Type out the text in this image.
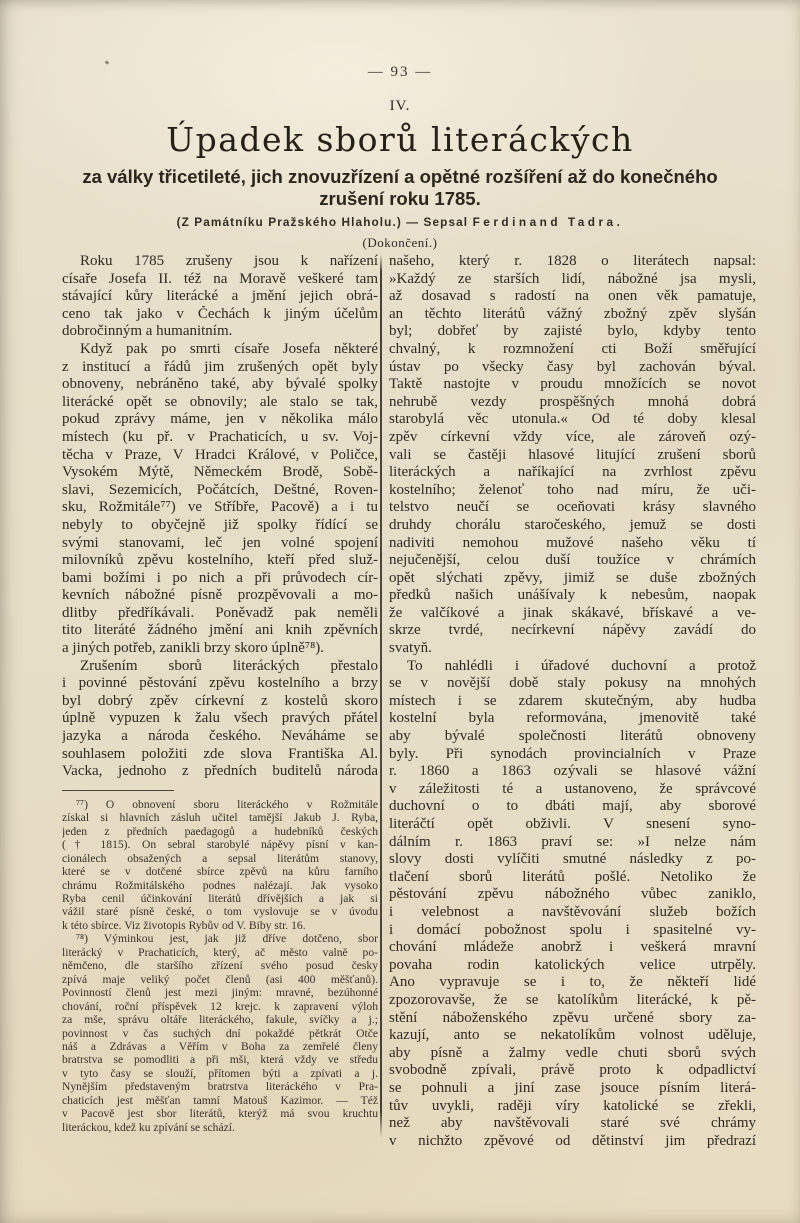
— 93 —
IV.
Úpadek sborů literáckých
za války třicetileté, jich znovuzřízení a opětné rozšíření až do konečného
zrušení roku 1785.
(Z Památníku Pražského Hlaholu.) — Sepsal Ferdinand Tadra.
(Dokončení.)
Roku 1785 zrušeny jsou k nařízení
císaře Josefa II. též na Moravě veškeré tam
stávající kůry literácké a jmění jejich obrá-
ceno tak jako v Čechách k jiným účelům
dobročinným a humanitním.
Když pak po smrti císaře Josefa některé
z institucí a řádů jim zrušených opět byly
obnoveny, nebráněno také, aby bývalé spolky
literácké opět se obnovily; ale stalo se tak,
pokud zprávy máme, jen v několika málo
místech (ku př. v Prachaticích, u sv. Voj-
těcha v Praze, V Hradci Králové, v Poličce,
Vysokém Mýtě, Německém Brodě, Sobě-
slavi, Sezemicích, Počátcích, Deštné, Roven-
sku, Rožmitále⁷⁷) ve Stříbře, Pacově) a i tu
nebyly to obyčejně již spolky řídící se
svými stanovami, leč jen volné spojení
milovníků zpěvu kostelního, kteří před služ-
bami božími i po nich a při průvodech cír-
kevních nábožné písně prozpěvovali a mo-
dlitby předříkávali. Poněvadž pak neměli
tito literáté žádného jmění ani knih zpěvních
a jiných potřeb, zanikli brzy skoro úplně⁷⁸).
Zrušením sborů literáckých přestalo
i povinné pěstování zpěvu kostelního a brzy
byl dobrý zpěv církevní z kostelů skoro
úplně vypuzen k žalu všech pravých přátel
jazyka a národa českého. Neváháme se
souhlasem položiti zde slova Františka Al.
Vacka, jednoho z předních buditelů národa
⁷⁷) O obnovení sboru literáckého v Rožmitále
získal si hlavních zásluh učitel tamější Jakub J. Ryba,
jeden z předních paedagogů a hudebníků českých
(† 1815). On sebral starobylé nápěvy písní v kan-
cionálech obsažených a sepsal literátům stanovy,
které se v dotčené sbírce zpěvů na kůru farního
chrámu Rožmitálského podnes nalézají. Jak vysoko
Ryba cenil účinkování literátů dřívějších a jak si
vážil staré písně české, o tom vyslovuje se v úvodu
k této sbírce. Viz životopis Rybův od V. Biby str. 16.
⁷⁸) Výminkou jest, jak již dříve dotčeno, sbor
literácký v Prachaticích, který, ač město valně po-
němčeno, dle staršího zřízení svého posud česky
zpívá maje veliký počet členů (asi 400 měšťanů).
Povinností členů jest mezi jiným: mravné, bezúhonné
chování, roční příspěvek 12 krejc. k zapravení výloh
za mše, správu oltáře literáckého, fakule, svíčky a j.;
povinnost v čas suchých dní pokaždé pětkrát Otče
náš a Zdrávas a Věřím v Boha za zemřelé členy
bratrstva se pomodliti a při mši, která vždy ve středu
v tyto časy se slouží, přítomen býti a zpívati a j.
Nynějším představeným bratrstva literáckého v Pra-
chaticích jest měšťan tamní Matouš Kazimor. — Též
v Pacově jest sbor literátů, kterýž má svou kruchtu
literáckou, kdež ku zpívání se schází.
našeho, který r. 1828 o literátech napsal:
»Každý ze starších lidí, nábožné jsa mysli,
až dosavad s radostí na onen věk pamatuje,
an těchto literátů vážný zbožný zpěv slyšán
byl; dobřeť by zajisté bylo, kdyby tento
chvalný, k rozmnožení cti Boží směřující
ústav po všecky časy byl zachován býval.
Taktě nastojte v proudu množících se novot
nehrubě vezdy prospěšných mnohá dobrá
starobylá věc utonula.« Od té doby klesal
zpěv církevní vždy více, ale zároveň ozý-
vali se častěji hlasové litující zrušení sborů
literáckých a naříkající na zvrhlost zpěvu
kostelního; želenoť toho nad míru, že uči-
telstvo neučí se oceňovati krásy slavného
druhdy chorálu staročeského, jemuž se dosti
nadiviti nemohou mužové našeho věku tí
nejučenější, celou duší toužíce v chrámích
opět slýchati zpěvy, jimiž se duše zbožných
předků našich unášívaly k nebesům, naopak
že valčíkové a jinak skákavé, břískavé a ve-
skrze tvrdé, necírkevní nápěvy zavádí do
svatyň.
To nahlédli i úřadové duchovní a protož
se v novější době staly pokusy na mnohých
místech i se zdarem skutečným, aby hudba
kostelní byla reformována, jmenovitě také
aby bývalé společnosti literátů obnoveny
byly. Při synodách provincialních v Praze
r. 1860 a 1863 ozývali se hlasové vážní
v záležitosti té a ustanoveno, že správcové
duchovní o to dbáti mají, aby sborové
literáčtí opět obživli. V snesení syno-
dálním r. 1863 praví se: »I nelze nám
slovy dosti vylíčiti smutné následky z po-
tlačení sborů literátů pošlé. Netoliko že
pěstování zpěvu nábožného vůbec zaniklo,
i velebnost a navštěvování služeb božích
i domácí pobožnost spolu i spasitelné vy-
chování mládeže anobrž i veškerá mravní
povaha rodin katolických velice utrpěly.
Ano vypravuje se i to, že někteří lidé
zpozorovavše, že se katolíkům literácké, k pě-
stění náboženského zpěvu určené sbory za-
kazují, anto se nekatolíkům volnost uděluje,
aby písně a žalmy vedle chuti sborů svých
svobodně zpívali, právě proto k odpadlictví
se pohnuli a jiní zase jsouce písním literá-
tův uvykli, raději víry katolické se zřekli,
než aby navštěvovali staré své chrámy
v nichžto zpěvové od dětinství jim předrazí
